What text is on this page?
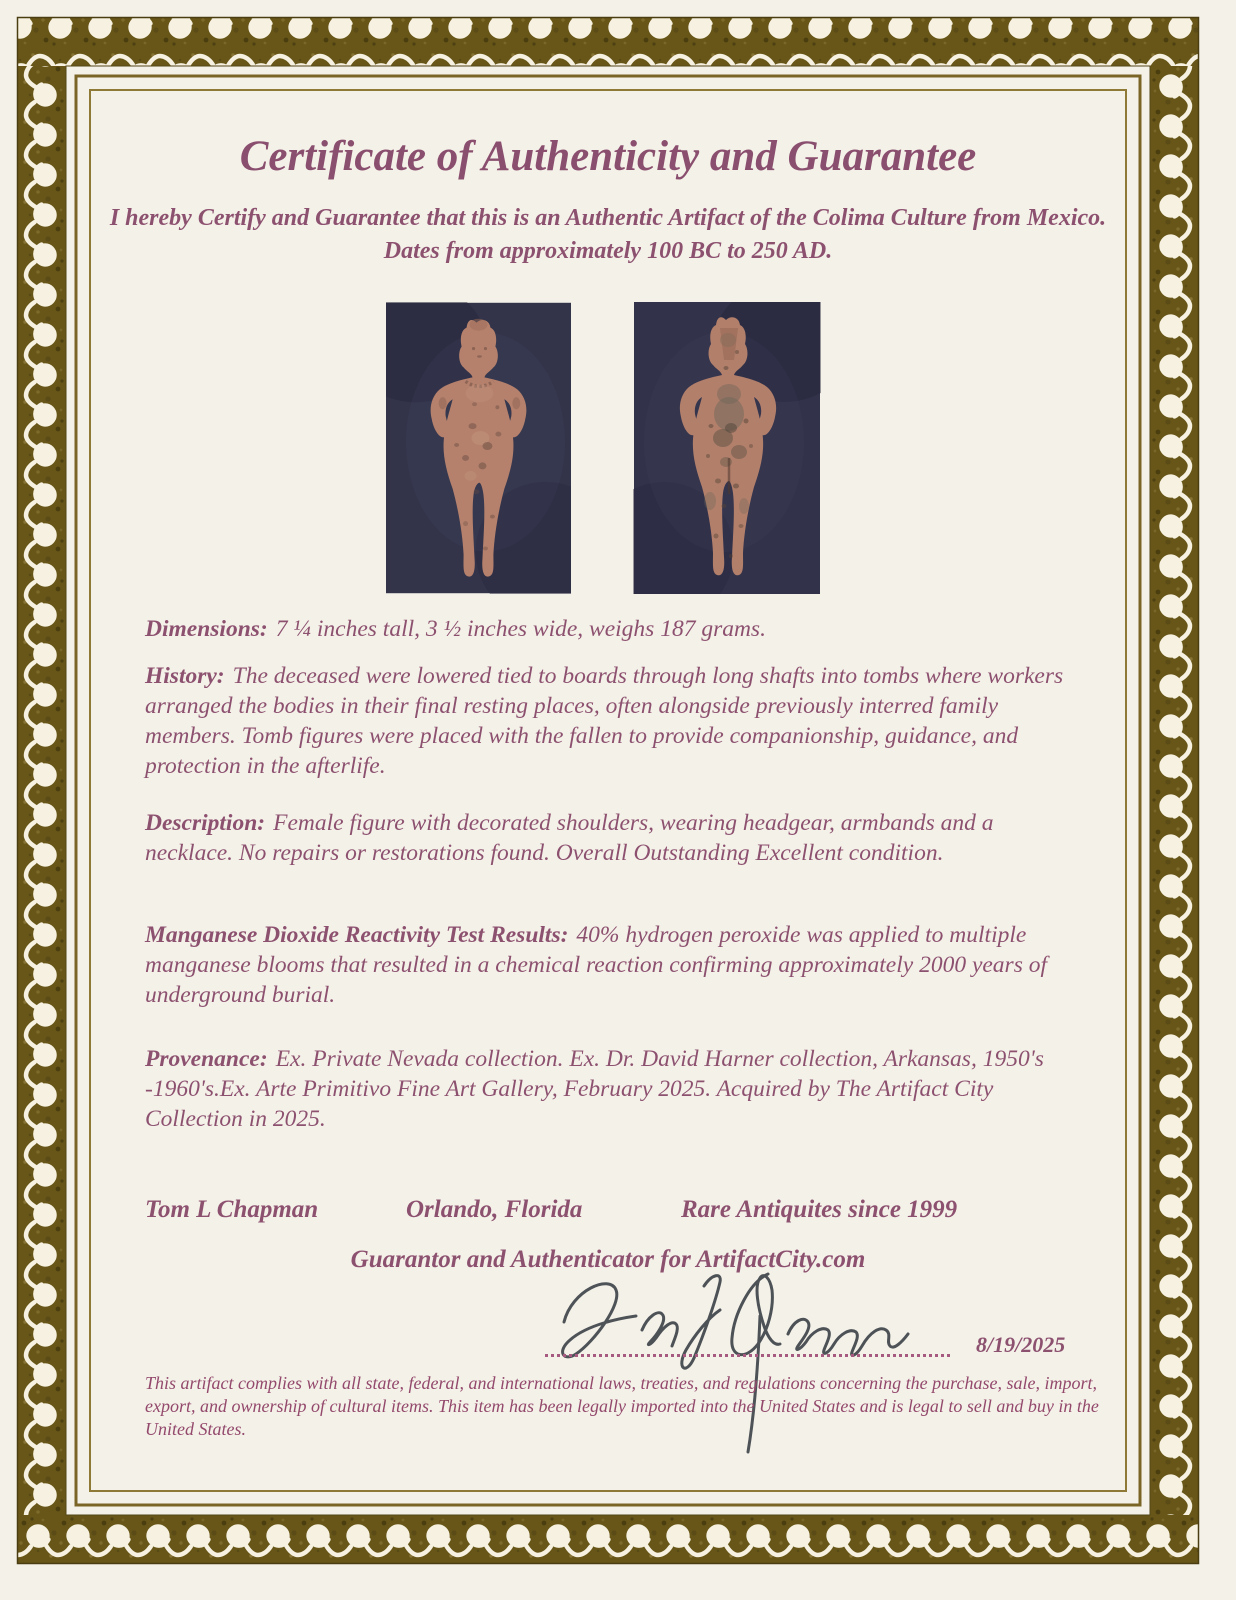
Certificate of Authenticity and Guarantee

I hereby Certify and Guarantee that this is an Authentic Artifact of the Colima Culture from Mexico. Dates from approximately 100 BC to 250 AD.

Dimensions: 7 ¼ inches tall, 3 ½ inches wide, weighs 187 grams.

History: The deceased were lowered tied to boards through long shafts into tombs where workers arranged the bodies in their final resting places, often alongside previously interred family members. Tomb figures were placed with the fallen to provide companionship, guidance, and protection in the afterlife.

Description: Female figure with decorated shoulders, wearing headgear, armbands and a necklace. No repairs or restorations found. Overall Outstanding Excellent condition.

Manganese Dioxide Reactivity Test Results: 40% hydrogen peroxide was applied to multiple manganese blooms that resulted in a chemical reaction confirming approximately 2000 years of underground burial.

Provenance: Ex. Private Nevada collection. Ex. Dr. David Harner collection, Arkansas, 1950's -1960's.Ex. Arte Primitivo Fine Art Gallery, February 2025. Acquired by The Artifact City Collection in 2025.

Tom L Chapman	Orlando, Florida	Rare Antiquites since 1999

Guarantor and Authenticator for ArtifactCity.com

8/19/2025

This artifact complies with all state, federal, and international laws, treaties, and regulations concerning the purchase, sale, import, export, and ownership of cultural items. This item has been legally imported into the United States and is legal to sell and buy in the United States.
